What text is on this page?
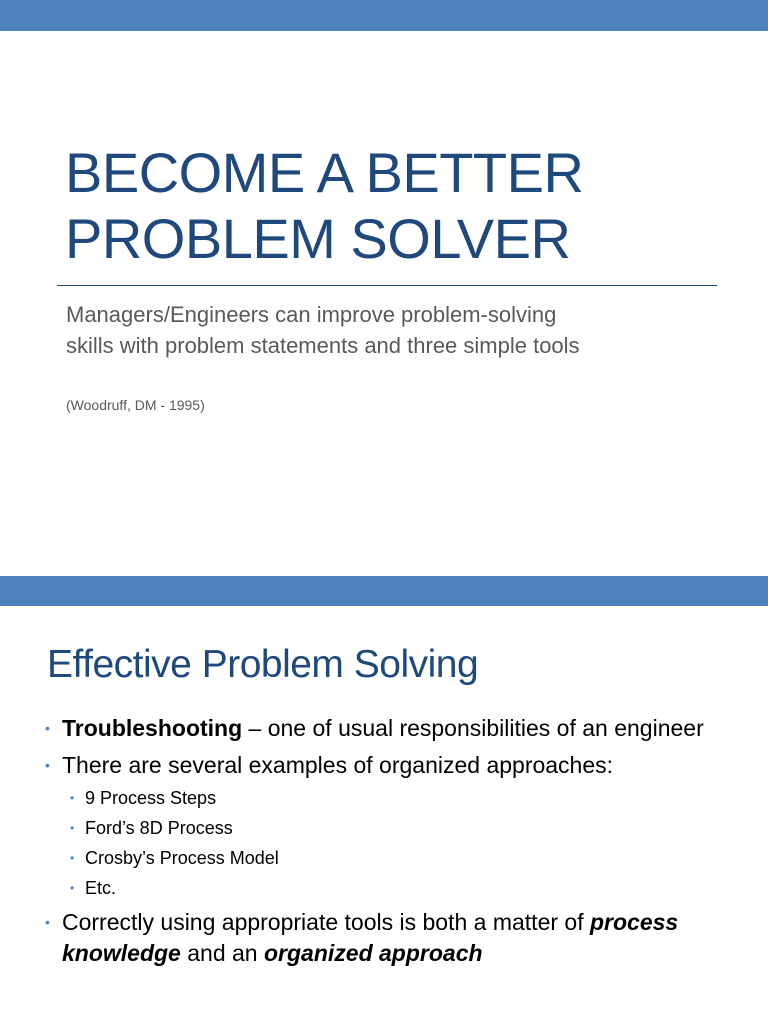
BECOME A BETTER
PROBLEM SOLVER
Managers/Engineers can improve problem-solving skills with problem statements and three simple tools
(Woodruff, DM - 1995)
Effective Problem Solving
• Troubleshooting – one of usual responsibilities of an engineer
• There are several examples of organized approaches:
• 9 Process Steps
• Ford’s 8D Process
• Crosby’s Process Model
• Etc.
• Correctly using appropriate tools is both a matter of process knowledge and an organized approach
